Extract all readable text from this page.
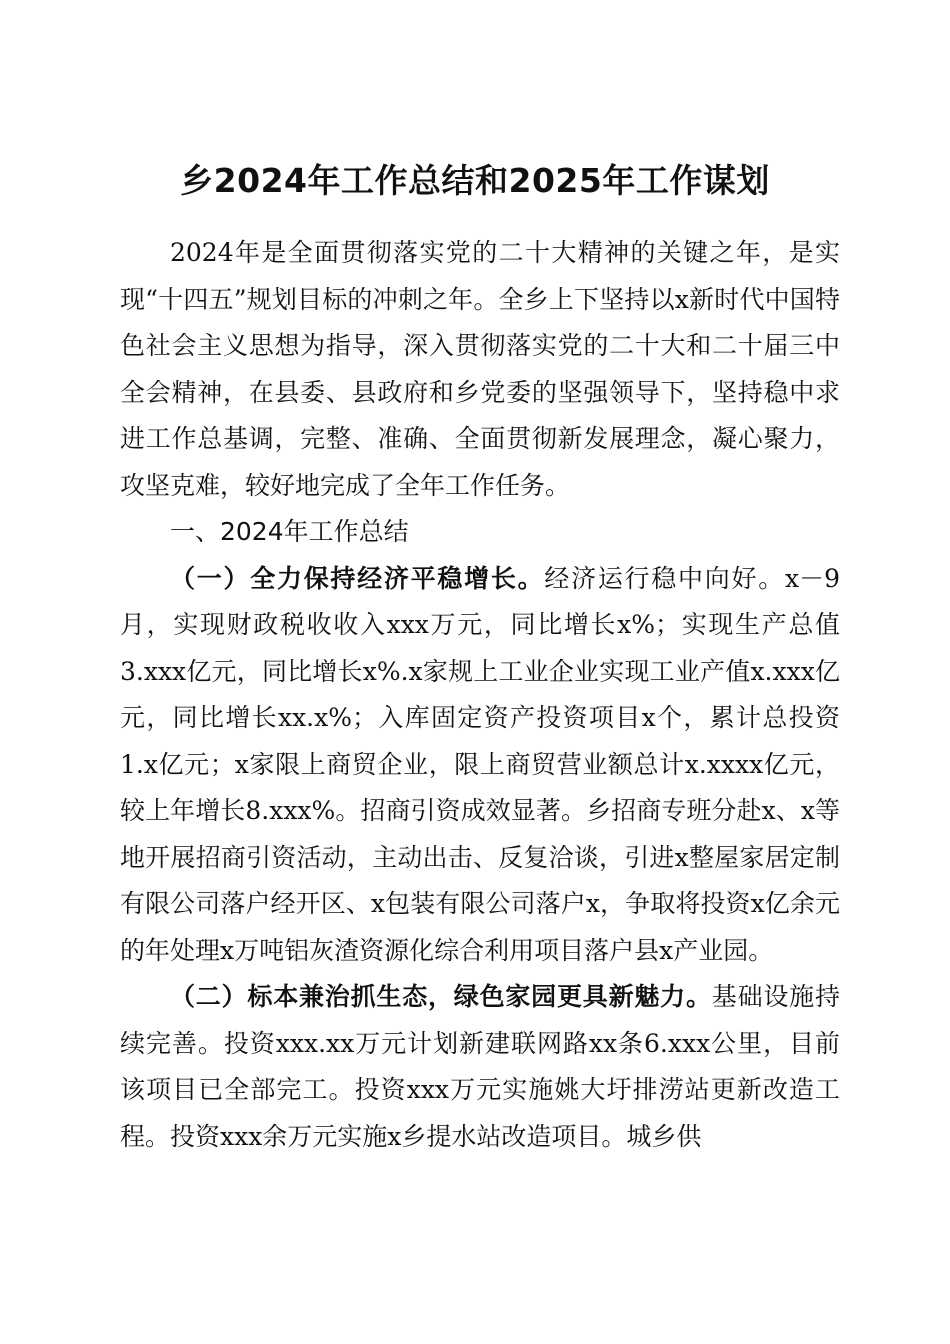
乡2024年工作总结和2025年工作谋划

2024年是全面贯彻落实党的二十大精神的关键之年，是实现“十四五”规划目标的冲刺之年。全乡上下坚持以x新时代中国特色社会主义思想为指导，深入贯彻落实党的二十大和二十届三中全会精神，在县委、县政府和乡党委的坚强领导下，坚持稳中求进工作总基调，完整、准确、全面贯彻新发展理念，凝心聚力，攻坚克难，较好地完成了全年工作任务。

一、2024年工作总结

（一）全力保持经济平稳增长。经济运行稳中向好。x－9月，实现财政税收收入xxx万元，同比增长x%；实现生产总值3.xxx亿元，同比增长x%.x家规上工业企业实现工业产值x.xxx亿元，同比增长xx.x%；入库固定资产投资项目x个，累计总投资1.x亿元；x家限上商贸企业，限上商贸营业额总计x.xxxx亿元，较上年增长8.xxx%。招商引资成效显著。乡招商专班分赴x、x等地开展招商引资活动，主动出击、反复洽谈，引进x整屋家居定制有限公司落户经开区、x包装有限公司落户x，争取将投资x亿余元的年处理x万吨铝灰渣资源化综合利用项目落户县x产业园。

（二）标本兼治抓生态，绿色家园更具新魅力。基础设施持续完善。投资xxx.xx万元计划新建联网路xx条6.xxx公里，目前该项目已全部完工。投资xxx万元实施姚大圩排涝站更新改造工程。投资xxx余万元实施x乡提水站改造项目。城乡供
